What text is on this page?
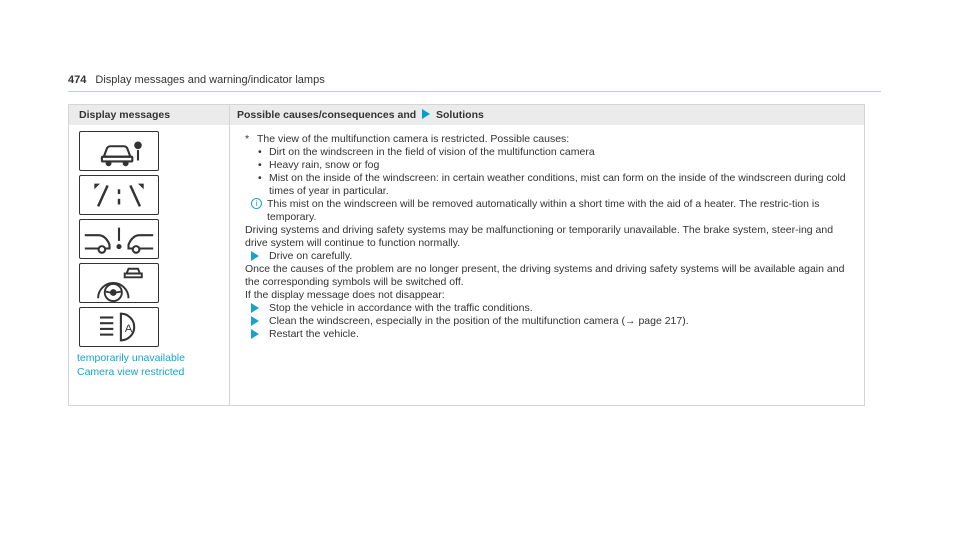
474 Display messages and warning/indicator lamps
Display messages	Possible causes/consequences and Solutions
A
temporarily unavailable
Camera view restricted

* The view of the multifunction camera is restricted. Possible causes:

• Dirt on the windscreen in the field of vision of the multifunction camera

• Heavy rain, snow or fog

• Mist on the inside of the windscreen: in certain weather conditions, mist can form on the inside of the windscreen during cold times of year in particular.

i This mist on the windscreen will be removed automatically within a short time with the aid of a heater. The restric-tion is temporary.

Driving systems and driving safety systems may be malfunctioning or temporarily unavailable. The brake system, steer-ing and drive system will continue to function normally.

Drive on carefully.

Once the causes of the problem are no longer present, the driving systems and driving safety systems will be available again and the corresponding symbols will be switched off.

If the display message does not disappear:

Stop the vehicle in accordance with the traffic conditions.

Clean the windscreen, especially in the position of the multifunction camera (→ page 217).

Restart the vehicle.
